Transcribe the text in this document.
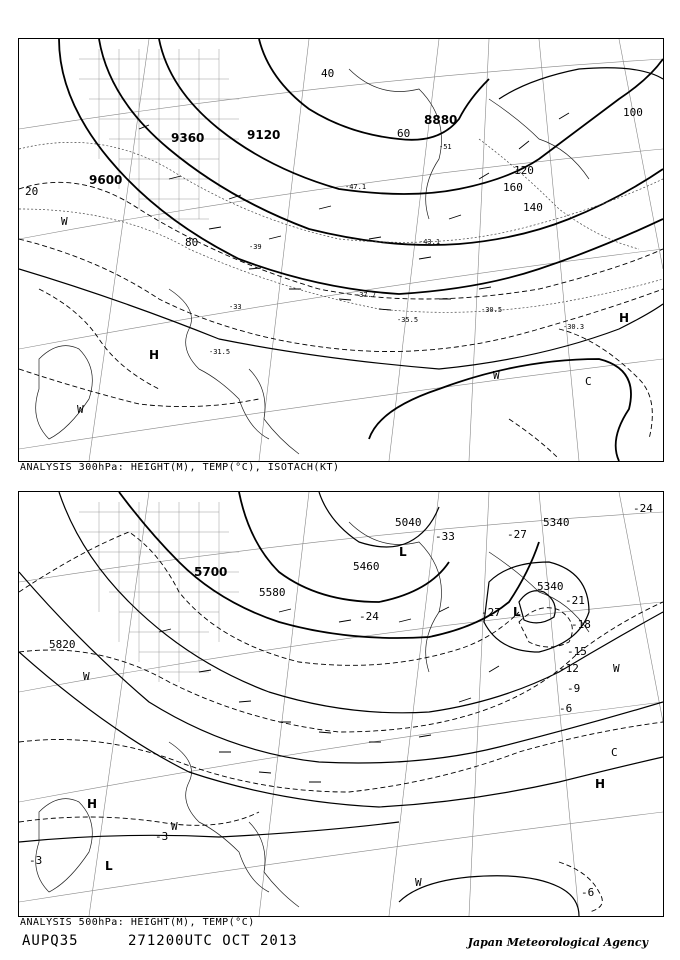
9600
9360	9120
8880
20
40
60
80
100
120
140
160
-51
-47.1
-43.1
-39
-37.7
-35.5
-33
-31.5
-30.5
-30.3
H
H
W
W
W	C
ANALYSIS 300hPa: HEIGHT(M), TEMP(°C), ISOTACH(KT)
5820
5700
5580
5460
5340
5340
5040
-33	-27
-27
-24
-24
-21
-18
-15
-12
-9
-6
-3
-3
-6
L
L
L
H
H
W
W
W
W
C
ANALYSIS 500hPa: HEIGHT(M), TEMP(°C)
AUPQ35	271200UTC OCT 2013	Japan Meteorological Agency
